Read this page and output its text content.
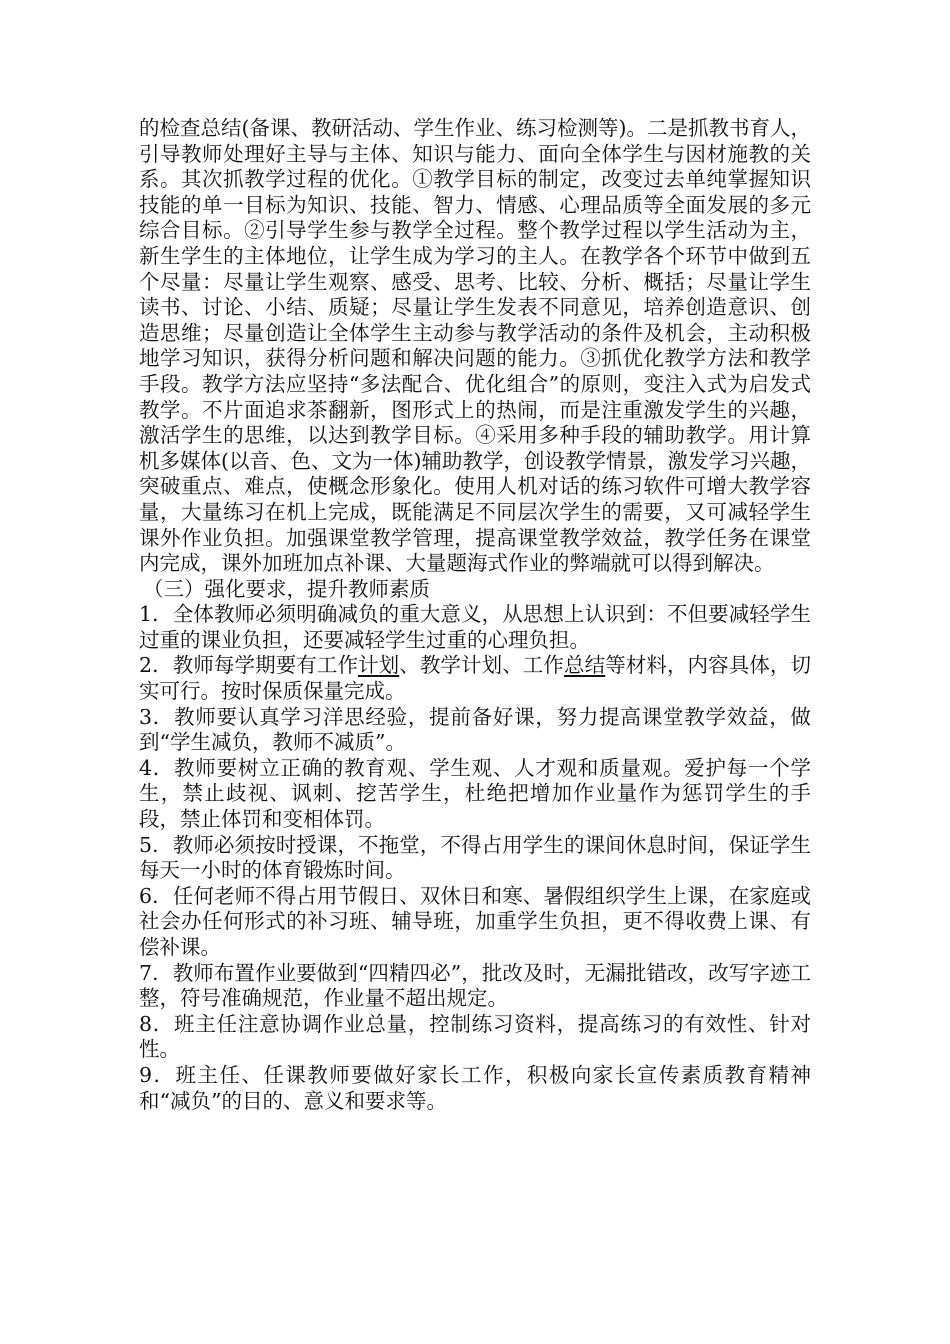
的检查总结(备课、教研活动、学生作业、练习检测等)。二是抓教书育人，引导教师处理好主导与主体、知识与能力、面向全体学生与因材施教的关系。其次抓教学过程的优化。①教学目标的制定，改变过去单纯掌握知识技能的单一目标为知识、技能、智力、情感、心理品质等全面发展的多元综合目标。②引导学生参与教学全过程。整个教学过程以学生活动为主，新生学生的主体地位，让学生成为学习的主人。在教学各个环节中做到五个尽量：尽量让学生观察、感受、思考、比较、分析、概括；尽量让学生读书、讨论、小结、质疑；尽量让学生发表不同意见，培养创造意识、创造思维；尽量创造让全体学生主动参与教学活动的条件及机会，主动积极地学习知识，获得分析问题和解决问题的能力。③抓优化教学方法和教学手段。教学方法应坚持“多法配合、优化组合”的原则，变注入式为启发式教学。不片面追求茶翻新，图形式上的热闹，而是注重激发学生的兴趣，激活学生的思维，以达到教学目标。④采用多种手段的辅助教学。用计算机多媒体(以音、色、文为一体)辅助教学，创设教学情景，激发学习兴趣，突破重点、难点，使概念形象化。使用人机对话的练习软件可增大教学容量，大量练习在机上完成，既能满足不同层次学生的需要，又可减轻学生课外作业负担。加强课堂教学管理，提高课堂教学效益，教学任务在课堂内完成，课外加班加点补课、大量题海式作业的弊端就可以得到解决。

（三）强化要求，提升教师素质

1．全体教师必须明确减负的重大意义，从思想上认识到：不但要减轻学生过重的课业负担，还要减轻学生过重的心理负担。

2．教师每学期要有工作计划、教学计划、工作总结等材料，内容具体，切实可行。按时保质保量完成。

3．教师要认真学习洋思经验，提前备好课，努力提高课堂教学效益，做到“学生减负，教师不减质”。

4．教师要树立正确的教育观、学生观、人才观和质量观。爱护每一个学生，禁止歧视、讽刺、挖苦学生，杜绝把增加作业量作为惩罚学生的手段，禁止体罚和变相体罚。

5．教师必须按时授课，不拖堂，不得占用学生的课间休息时间，保证学生每天一小时的体育锻炼时间。

6．任何老师不得占用节假日、双休日和寒、暑假组织学生上课，在家庭或社会办任何形式的补习班、辅导班，加重学生负担，更不得收费上课、有偿补课。

7．教师布置作业要做到“四精四必”，批改及时，无漏批错改，改写字迹工整，符号准确规范，作业量不超出规定。

8．班主任注意协调作业总量，控制练习资料，提高练习的有效性、针对性。

9．班主任、任课教师要做好家长工作，积极向家长宣传素质教育精神和“减负”的目的、意义和要求等。
